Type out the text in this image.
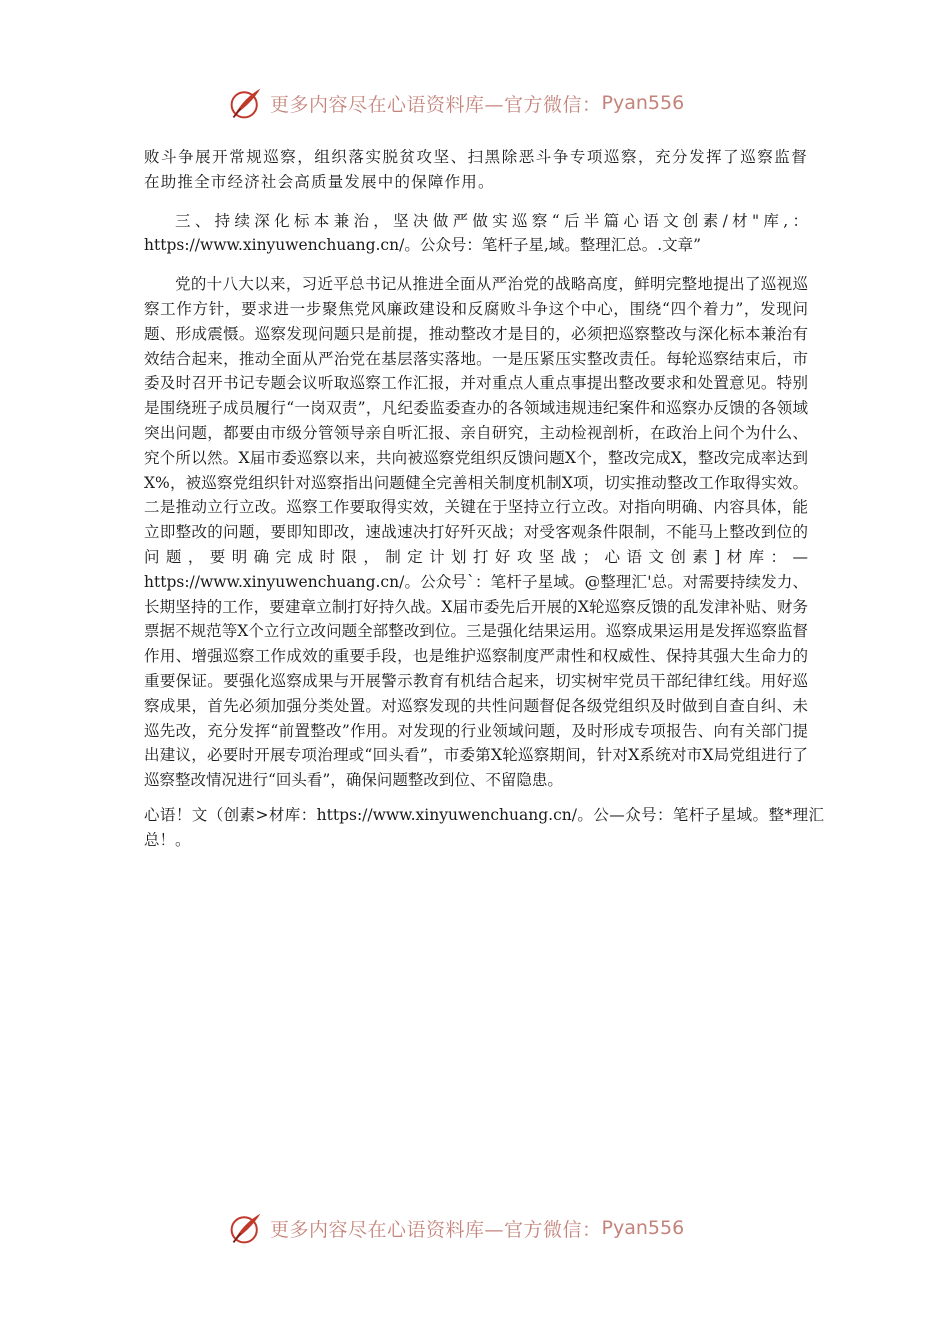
更多内容尽在心语资料库—官方微信： Pyan556

败斗争展开常规巡察，组织落实脱贫攻坚、扫黑除恶斗争专项巡察，充分发挥了巡察监督在助推全市经济社会高质量发展中的保障作用。

三、持续深化标本兼治，坚决做严做实巡察“后半篇心语文创素/材"库,：https://www.xinyuwenchuang.cn/。公众号：笔杆子星,域。整理汇总。.文章”

党的十八大以来，习近平总书记从推进全面从严治党的战略高度，鲜明完整地提出了巡视巡察工作方针，要求进一步聚焦党风廉政建设和反腐败斗争这个中心，围绕“四个着力”，发现问题、形成震慑。巡察发现问题只是前提，推动整改才是目的，必须把巡察整改与深化标本兼治有效结合起来，推动全面从严治党在基层落实落地。一是压紧压实整改责任。每轮巡察结束后，市委及时召开书记专题会议听取巡察工作汇报，并对重点人重点事提出整改要求和处置意见。特别是围绕班子成员履行“一岗双责”，凡纪委监委查办的各领域违规违纪案件和巡察办反馈的各领域突出问题，都要由市级分管领导亲自听汇报、亲自研究，主动检视剖析，在政治上问个为什么、究个所以然。X届市委巡察以来，共向被巡察党组织反馈问题X个，整改完成X，整改完成率达到X%，被巡察党组织针对巡察指出问题健全完善相关制度机制X项，切实推动整改工作取得实效。二是推动立行立改。巡察工作要取得实效，关键在于坚持立行立改。对指向明确、内容具体，能立即整改的问题，要即知即改，速战速决打好歼灭战；对受客观条件限制，不能马上整改到位的问题，要明确完成时限，制定计划打好攻坚战；心语文创素]材库：—https://www.xinyuwenchuang.cn/。公众号`：笔杆子星域。@整理汇'总。对需要持续发力、长期坚持的工作，要建章立制打好持久战。X届市委先后开展的X轮巡察反馈的乱发津补贴、财务票据不规范等X个立行立改问题全部整改到位。三是强化结果运用。巡察成果运用是发挥巡察监督作用、增强巡察工作成效的重要手段，也是维护巡察制度严肃性和权威性、保持其强大生命力的重要保证。要强化巡察成果与开展警示教育有机结合起来，切实树牢党员干部纪律红线。用好巡察成果，首先必须加强分类处置。对巡察发现的共性问题督促各级党组织及时做到自查自纠、未巡先改，充分发挥“前置整改”作用。对发现的行业领域问题，及时形成专项报告、向有关部门提出建议，必要时开展专项治理或“回头看”，市委第X轮巡察期间，针对X系统对市X局党组进行了巡察整改情况进行“回头看”，确保问题整改到位、不留隐患。

心语！文（创素>材库：https://www.xinyuwenchuang.cn/。公—众号：笔杆子星域。整*理汇总！。

更多内容尽在心语资料库—官方微信： Pyan556
